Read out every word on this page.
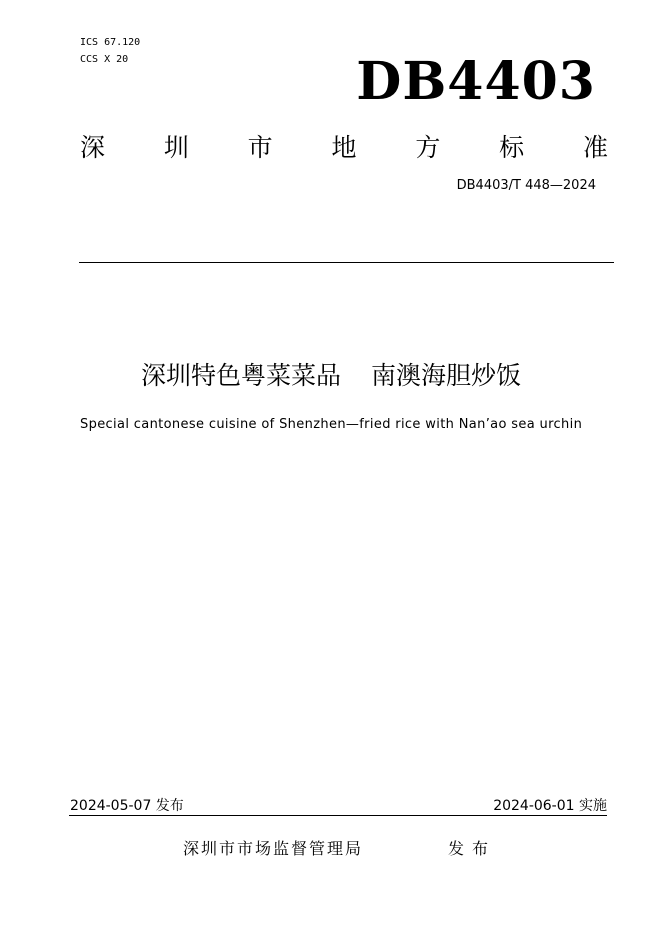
ICS 67.120
CCS X 20	DB4403
深 圳 市 地 方 标 准
DB4403/T 448—2024
深圳特色粤菜菜品 南澳海胆炒饭
Special cantonese cuisine of Shenzhen—fried rice with Nan’ao sea urchin
2024-05-07 发布	2024-06-01 实施
深圳市市场监督管理局	发布
